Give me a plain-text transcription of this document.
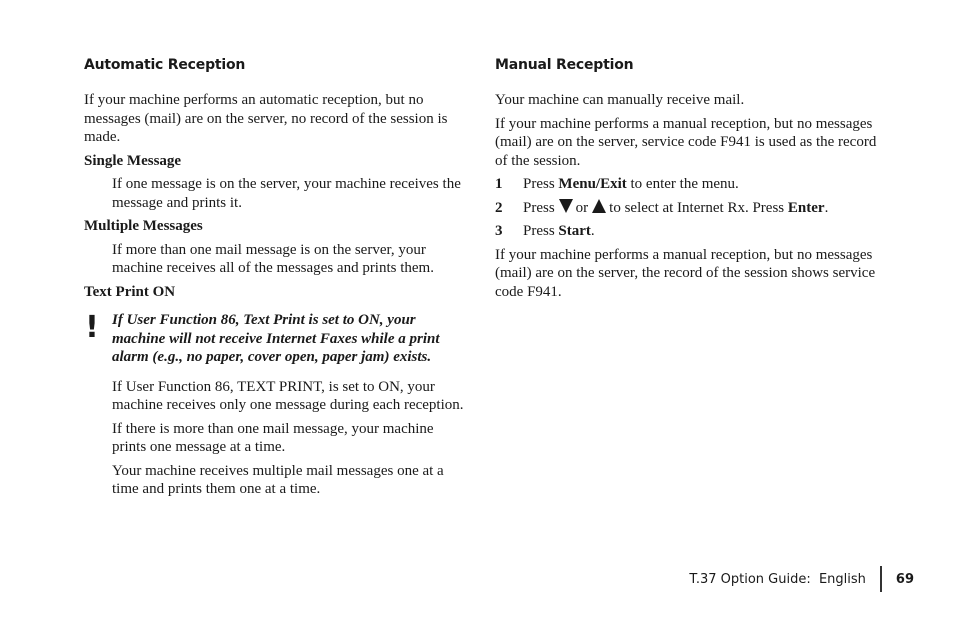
Automatic Reception

If your machine performs an automatic reception, but no messages (mail) are on the server, no record of the session is made.

Single Message

If one message is on the server, your machine receives the message and prints it.

Multiple Messages

If more than one mail message is on the server, your machine receives all of the messages and prints them.

Text Print ON
! If User Function 86, Text Print is set to ON, your machine will not receive Internet Faxes while a print alarm (e.g., no paper, cover open, paper jam) exists.

If User Function 86, TEXT PRINT, is set to ON, your machine receives only one message during each reception.

If there is more than one mail message, your machine prints one message at a time.

Your machine receives multiple mail messages one at a time and prints them one at a time.

Manual Reception

Your machine can manually receive mail.

If your machine performs a manual reception, but no messages (mail) are on the server, service code F941 is used as the record of the session.

1	Press Menu/Exit to enter the menu.
2	Press or to select at Internet Rx. Press Enter.
3	Press Start.

If your machine performs a manual reception, but no messages (mail) are on the server, the record of the session shows service code F941.

T.37 Option Guide:  English 69
